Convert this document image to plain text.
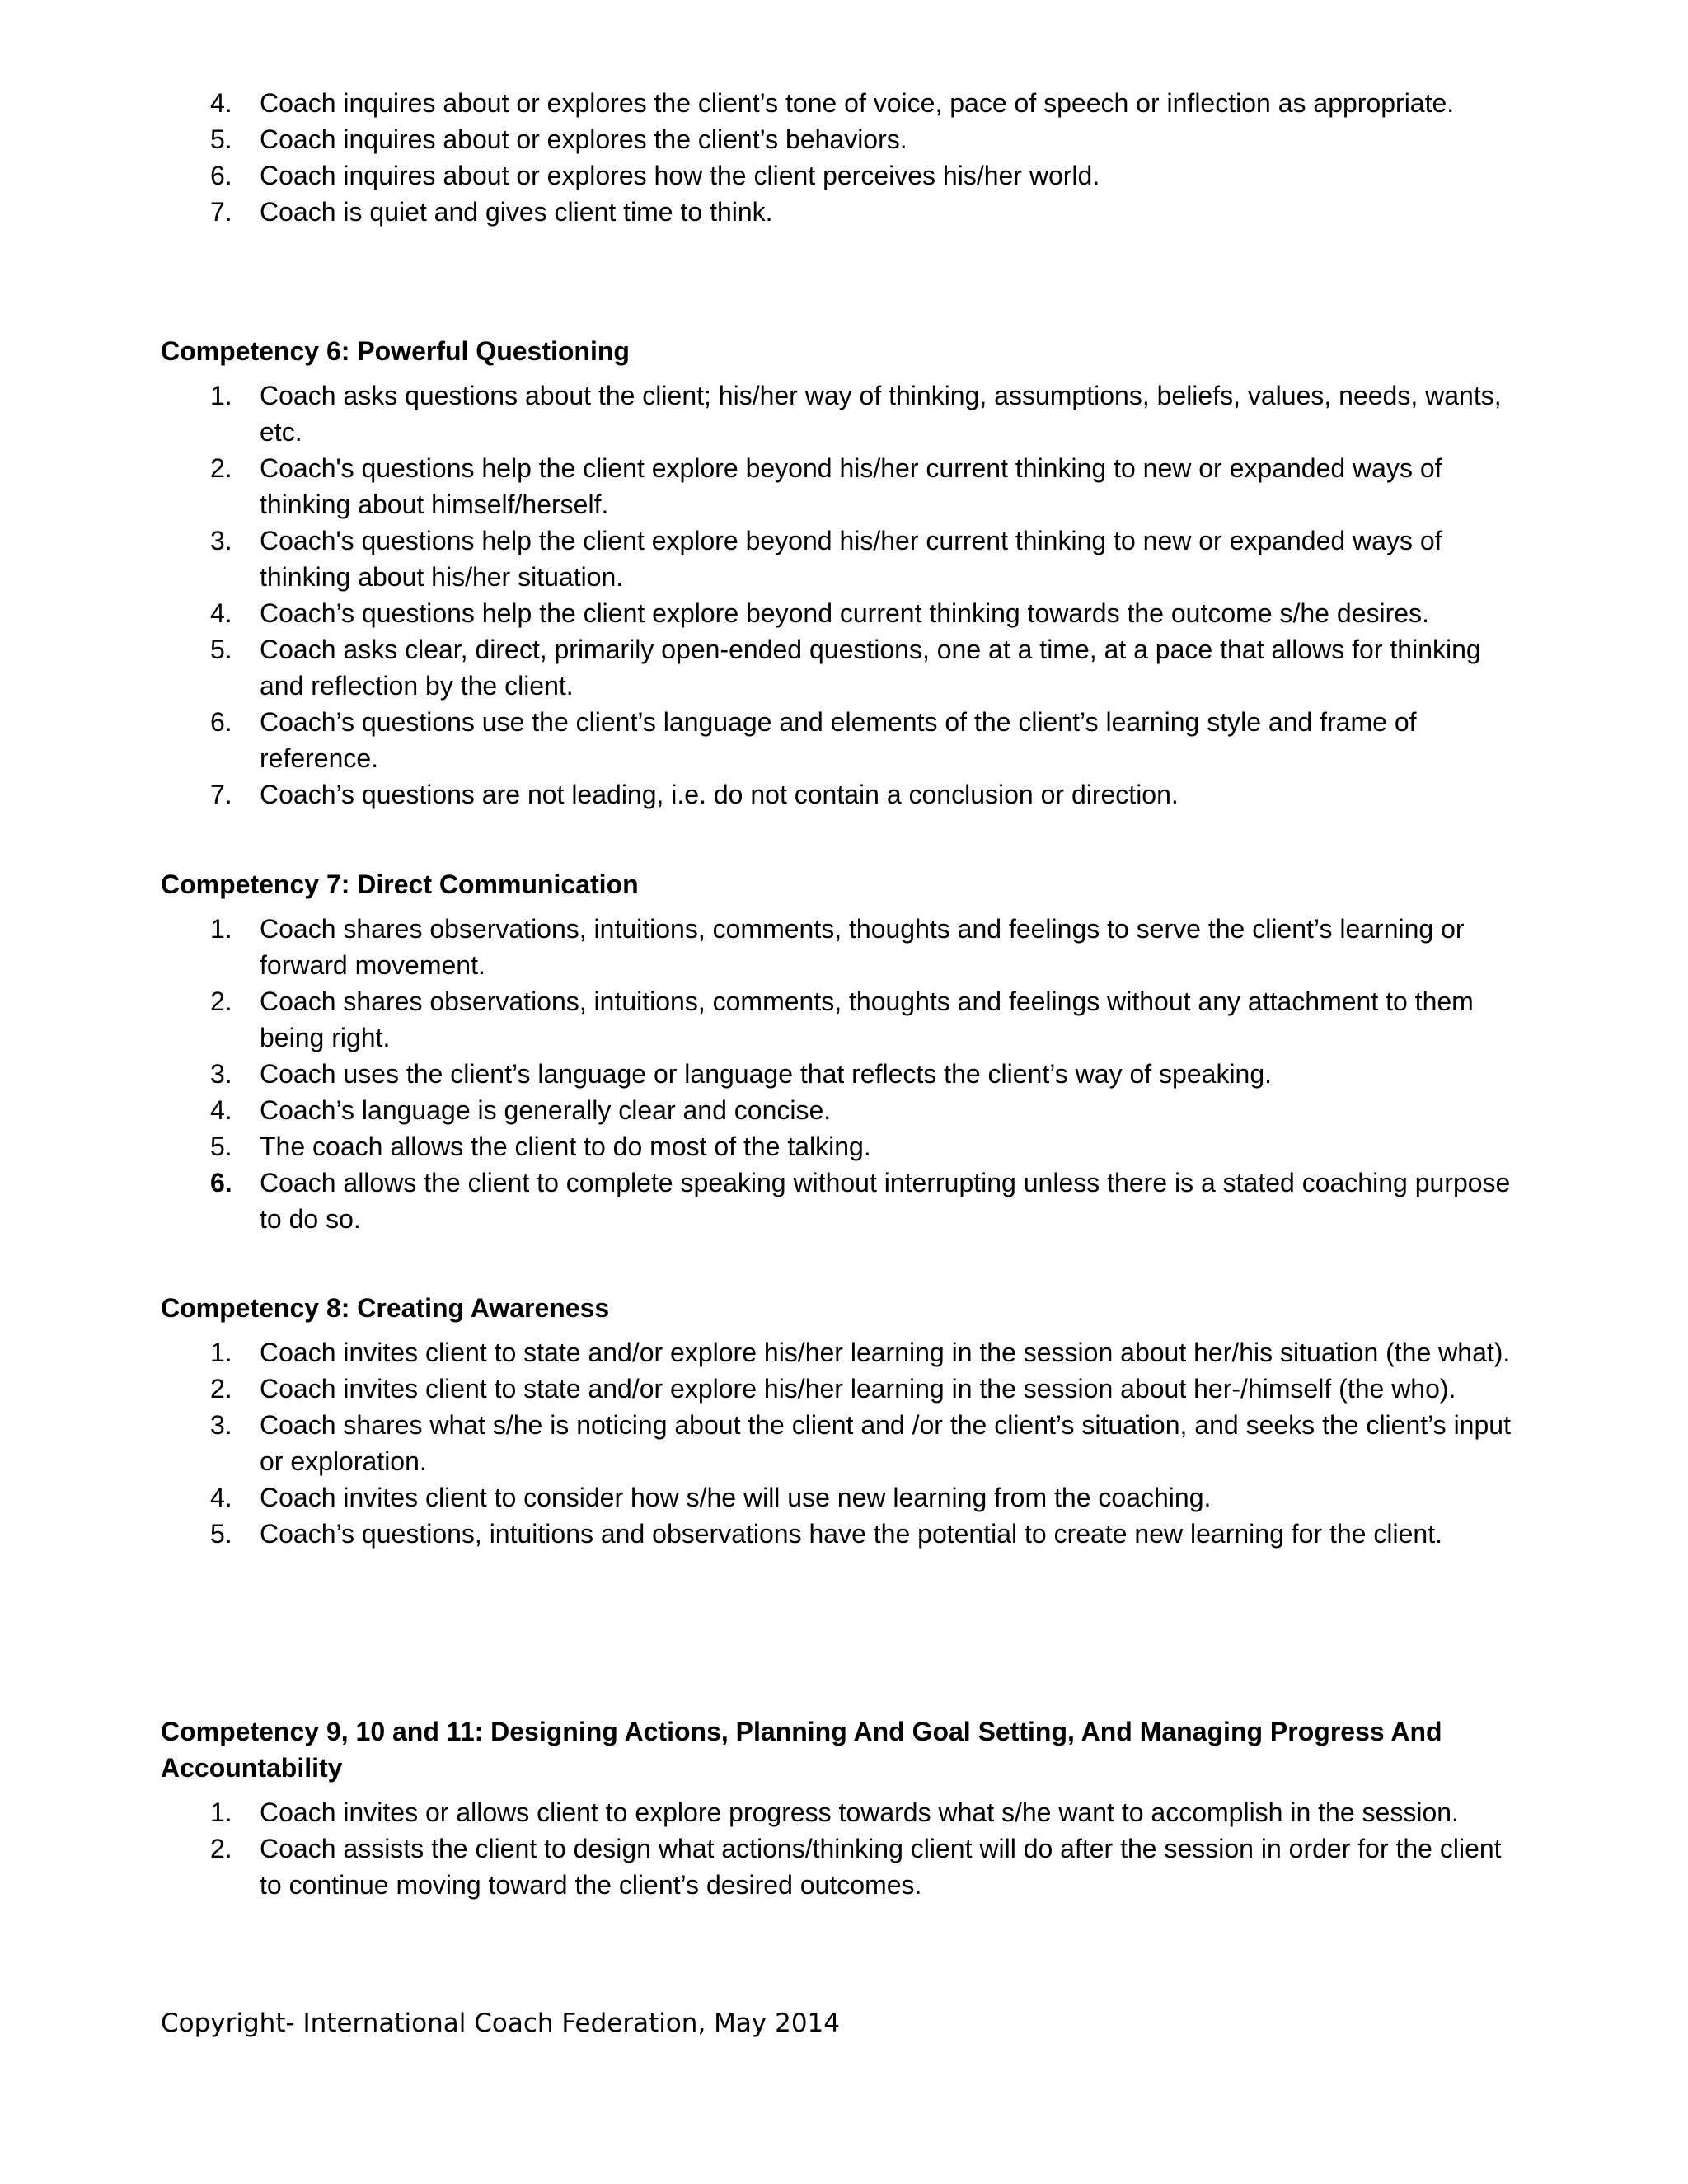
4.	Coach inquires about or explores the client’s tone of voice, pace of speech or inflection as appropriate.
5.	Coach inquires about or explores the client’s behaviors.
6.	Coach inquires about or explores how the client perceives his/her world.
7.	Coach is quiet and gives client time to think.
Competency 6: Powerful Questioning
1.	Coach asks questions about the client; his/her way of thinking, assumptions, beliefs, values, needs, wants, etc.
2.	Coach's questions help the client explore beyond his/her current thinking to new or expanded ways of thinking about himself/herself.
3.	Coach's questions help the client explore beyond his/her current thinking to new or expanded ways of thinking about his/her situation.
4.	Coach’s questions help the client explore beyond current thinking towards the outcome s/he desires.
5.	Coach asks clear, direct, primarily open-ended questions, one at a time, at a pace that allows for thinking and reflection by the client.
6.	Coach’s questions use the client’s language and elements of the client’s learning style and frame of reference.
7.	Coach’s questions are not leading, i.e. do not contain a conclusion or direction.
Competency 7: Direct Communication
1.	Coach shares observations, intuitions, comments, thoughts and feelings to serve the client’s learning or forward movement.
2.	Coach shares observations, intuitions, comments, thoughts and feelings without any attachment to them being right.
3.	Coach uses the client’s language or language that reflects the client’s way of speaking.
4.	Coach’s language is generally clear and concise.
5.	The coach allows the client to do most of the talking.
6.	Coach allows the client to complete speaking without interrupting unless there is a stated coaching purpose to do so.
Competency 8: Creating Awareness
1.	Coach invites client to state and/or explore his/her learning in the session about her/his situation (the what).
2.	Coach invites client to state and/or explore his/her learning in the session about her-/himself (the who).
3.	Coach shares what s/he is noticing about the client and /or the client’s situation, and seeks the client’s input or exploration.
4.	Coach invites client to consider how s/he will use new learning from the coaching.
5.	Coach’s questions, intuitions and observations have the potential to create new learning for the client.
Competency 9, 10 and 11: Designing Actions, Planning And Goal Setting, And Managing Progress And Accountability
1.	Coach invites or allows client to explore progress towards what s/he want to accomplish in the session.
2.	Coach assists the client to design what actions/thinking client will do after the session in order for the client to continue moving toward the client’s desired outcomes.
Copyright- International Coach Federation, May 2014
